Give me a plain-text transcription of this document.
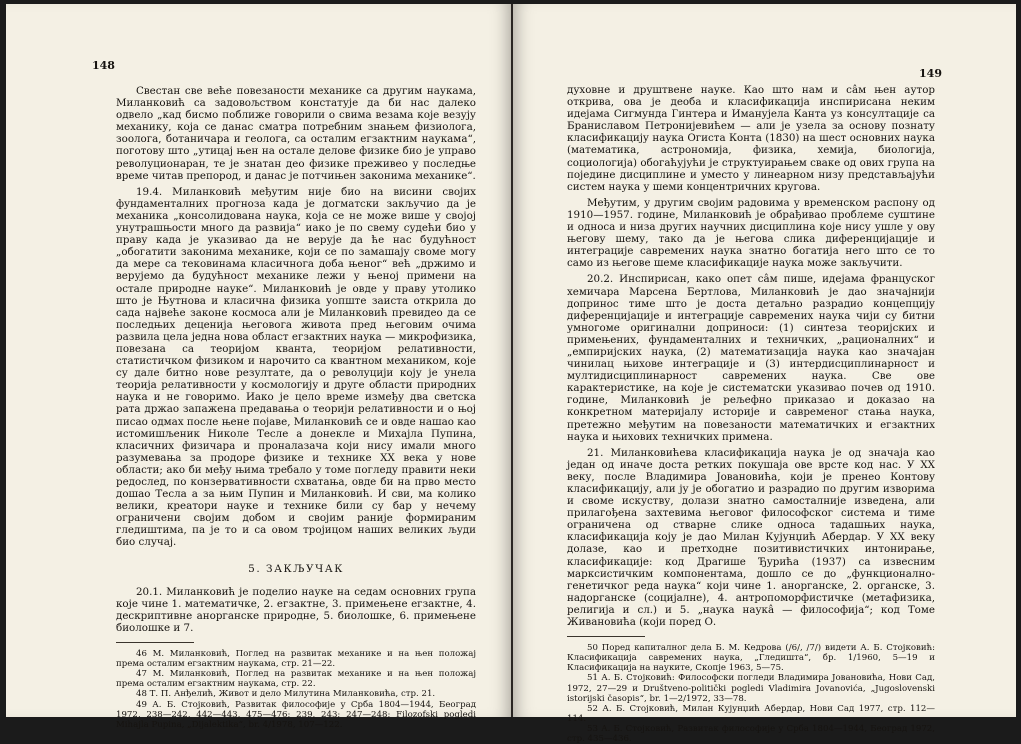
148

Свестан све веће повезаности механике са другим наукама, Миланковић са задовољством констатује да би нас далеко одвело „кад бисмо поближе говорили о свима везама које везују механику, која се данас сматра потребним знањем физиолога, зоолога, ботаничара и геолога, са осталим егзактним наукама“, поготову што „утицај њен на остале деловe физике био је управо револуционаран, те је знатан део физике преживео у последње време читав препород, и данас је потчињен законима механике“.

19.4. Миланковић међутим није био на висини својих фундаменталних прогноза када је догматски закључио да је механика „консолидована наука, која се не може више у својој унутрашњости много да развија“ иако је по свему судећи био у праву када је указивао да не верује да ће нас будућност „обогатити законима механике, који се по замашају своме могу да мере са тековинама класичнога доба њеног“ већ „држимо и верујемо да будућност механике лежи у њеној примени на остале природне науке“. Миланковић је овде у праву утолико што је Њутнова и класична физика уопште заиста открила до сада највеће законе космоса али је Миланковић превидео да се последњих деценија његовога живота пред његовим очима развила цела једна нова област егзактних наука — микрофизика, повезана са теоријом кванта, теоријом релативности, статистичком физиком и нарочито са квантном механиком, које су дале битно нове резултате, да о револуцији коју је унела теорија релативности у космологију и друге области природних наука и не говоримо. Иако је цело време између два светска рата држао запажена предавања о теорији релативности и о њој писао одмах после њене појаве, Миланковић се и овде нашао као истомишљеник Николе Тесле а донекле и Михајла Пупина, класичних физичара и проналазача који нису имали много разумевања за продоре физике и технике XX века у нове области; ако би међу њима требало у томе погледу правити неки редослед, по конзервативности схватања, овде би на прво место дошао Тесла а за њим Пупин и Миланковић. И сви, ма колико велики, креатори науке и технике били су бар у нечему ограничени својим добом и својим раније формираним гледиштима, па је то и са овом тројицом наших великих људи био случај.

5. ЗАКЉУЧАК

20.1. Миланковић је поделио науке на седам основних група које чине 1. математичке, 2. егзактне, 3. примењене егзактне, 4. дескриптивне анорганске природне, 5. биолошке, 6. примењене биолошке и 7.

46 М. Миланковић, Поглед на развитак механике и на њен положај према осталим егзактним наукама, стр. 21—22.

47 М. Миланковић, Поглед на развитак механике и на њен положај према осталим егзактним наукама, стр. 22.

48 Т. П. Анђелић, Живот и дело Милутина Миланковића, стр. 21.

49 А. Б. Стојковић, Развитак философије у Срба 1804—1944, Београд 1972, 238—242, 442—443, 475—476; 239, 243; 247—248; Filozofski pogledi Mihajla Pupina, „Dijalektika“, br. 4/1978, 107—122.

149

духовне и друштвене науке. Као што нам и сâм њен аутор открива, ова је деоба и класификација инспирисана неким идејама Сигмунда Гинтера и Иманујела Канта уз консултације са Браниславом Петронијевићем — али је узела за основу познату класификацију наука Огиста Конта (1830) на шест основних наука (математика, астрономија, физика, хемија, биологија, социологија) обогаћујући је структуирањем сваке од ових група на поједине дисциплине и уместо у линеарном низу представљајући систем наука у шеми концентричних кругова.

Међутим, у другим својим радовима у временском распону од 1910—1957. године, Миланковић је обрађивао проблеме суштине и односа и низа других научних дисциплина које нису ушле у ову његову шему, тако да је његова слика диференцијације и интеграције савремених наука знатно богатија него што се то само из његове шеме класификације наука може закључити.

20.2. Инспирисан, како опет сâм пише, идејама француског хемичара Марсена Бертлова, Миланковић је дао значајнији допринос тиме што је доста детаљно разрадио концепцију диференцијације и интеграције савремених наука чији су битни умногоме оригинални доприноси: (1) синтеза теоријских и примењених, фундаменталних и техничких, „рационалних“ и „емпиријских наука, (2) математизација наука као значајан чинилац њихове интеграције и (3) интердисциплинарност и мултидисциплинарност савремених наука. Све ове карактеристике, на које је систематски указивао почев од 1910. године, Миланковић је рељефно приказао и доказао на конкретном материјалу историје и савременог стања наука, претежно међутим на повезаности математичких и егзактних наука и њихових техничких примена.

21. Миланковићева класификација наука је од значаја као један од иначе доста ретких покушаја ове врсте код нас. У XX веку, после Владимира Јовановића, који је пренео Контову класификацију, али ју је обогатио и разрадио по другим изворима и своме искуству, долази знатно самосталније изведена, али прилагођена захтевима његовог философског система и тиме ограничена од стварне слике односа тадашњих наука, класификација коју је дао Милан Кујунџић Абердар. У XX веку долазе, као и претходне позитивистичких интонирање, класификације: код Драгише Ђурића (1937) са извесним марксистичким компонентама, дошло се до „функционално-генетичког реда наука“ који чине 1. анорганске, 2. органске, 3. надорганске (социјалне), 4. антропоморфистичке (метафизика, религија и сл.) и 5. „наука наукâ — философија“; код Томе Живановића (који поред О.

50 Поред капиталног дела Б. М. Кедрова (/6/, /7/) видети А. Б. Стојковић: Класификација савремених наука, „Гледишта“, бр. 1/1960, 5—19 и Класификација на науките, Скопје 1963, 5—75.

51 А. Б. Стојковић: Философски погледи Владимира Јовановића, Нови Сад, 1972, 27—29 и Društveno-politički pogledi Vladimira Jovanovića, „Jugoslovenski istorijski časopis“, br. 1—2/1972, 33—78.

52 А. Б. Стојковић, Милан Кујунџић Абердар, Нови Сад 1977, стр. 112—114.

53 А. Б. Стојковић, Развитак философије у Срба 1804—1944, Београд 1972, стр. 435—436.
